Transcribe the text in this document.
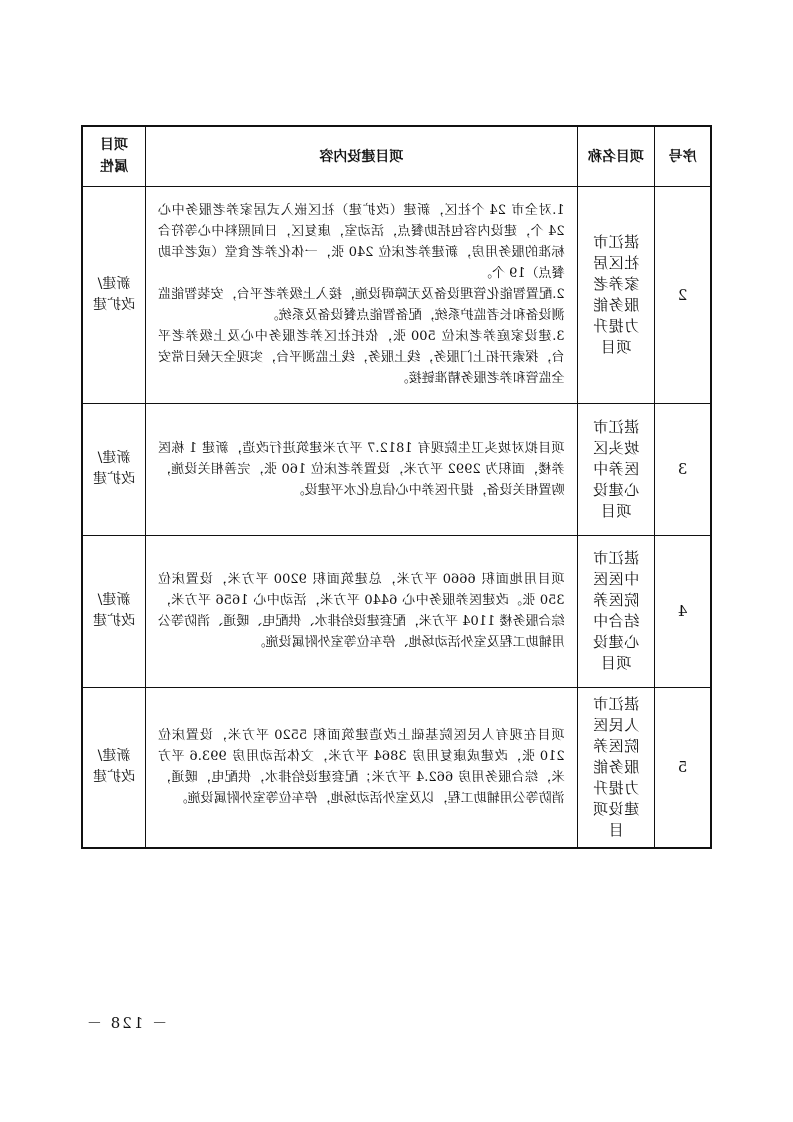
序号	项目名称	项目建设内容	项目属性

2	湛江市社区居家养老服务能力提升项目	1.对全市 24 个社区，新建（改扩建）社区嵌入式居家养老服务中心 24 个，建设内容包括助餐点，活动室，康复区，日间照料中心等符合标准的服务用房，新建养老床位 240 张，一体化养老食堂（或老年助餐点）19 个。

2.配置智能化管理设备及无障碍设施，接入上级养老平台，安装智能监测设备和长者监护系统，配备智能点餐设备及系统。

3.建设家庭养老床位 500 张，依托社区养老服务中心及上级养老平台，探索开拓上门服务，线上服务，线上监测平台，实现全天候日常安全监管和养老服务精准链接。	新建/改扩建

3	湛江市坡头区医养中心建设项目	项目拟对坡头卫生院现有 1812.7 平方米建筑进行改造，新建 1 栋医养楼，面积为 2992 平方米，设置养老床位 160 张，完善相关设施，购置相关设备，提升医养中心信息化水平建设。	新建/改扩建

4	湛江市中医医院医养结合中心建设项目	项目用地面积 6660 平方米，总建筑面积 9200 平方米，设置床位 350 张。改建医养服务中心 6440 平方米，活动中心 1656 平方米，综合服务楼 1104 平方米，配套建设给排水、供配电、暖通、消防等公用辅助工程及室外活动场地、停车位等室外附属设施。	新建/改扩建

5	湛江市人民医院医养服务能力提升建设项目	项目在现有人民医院基础上改造建筑面积 5520 平方米，设置床位 210 张，改建成康复用房 3864 平方米，文体活动用房 993.6 平方米，综合服务用房 662.4 平方米；配套建设给排水，供配电，暖通，消防等公用辅助工程，以及室外活动场地，停车位等室外附属设施。	新建/改扩建
－ 128 －
